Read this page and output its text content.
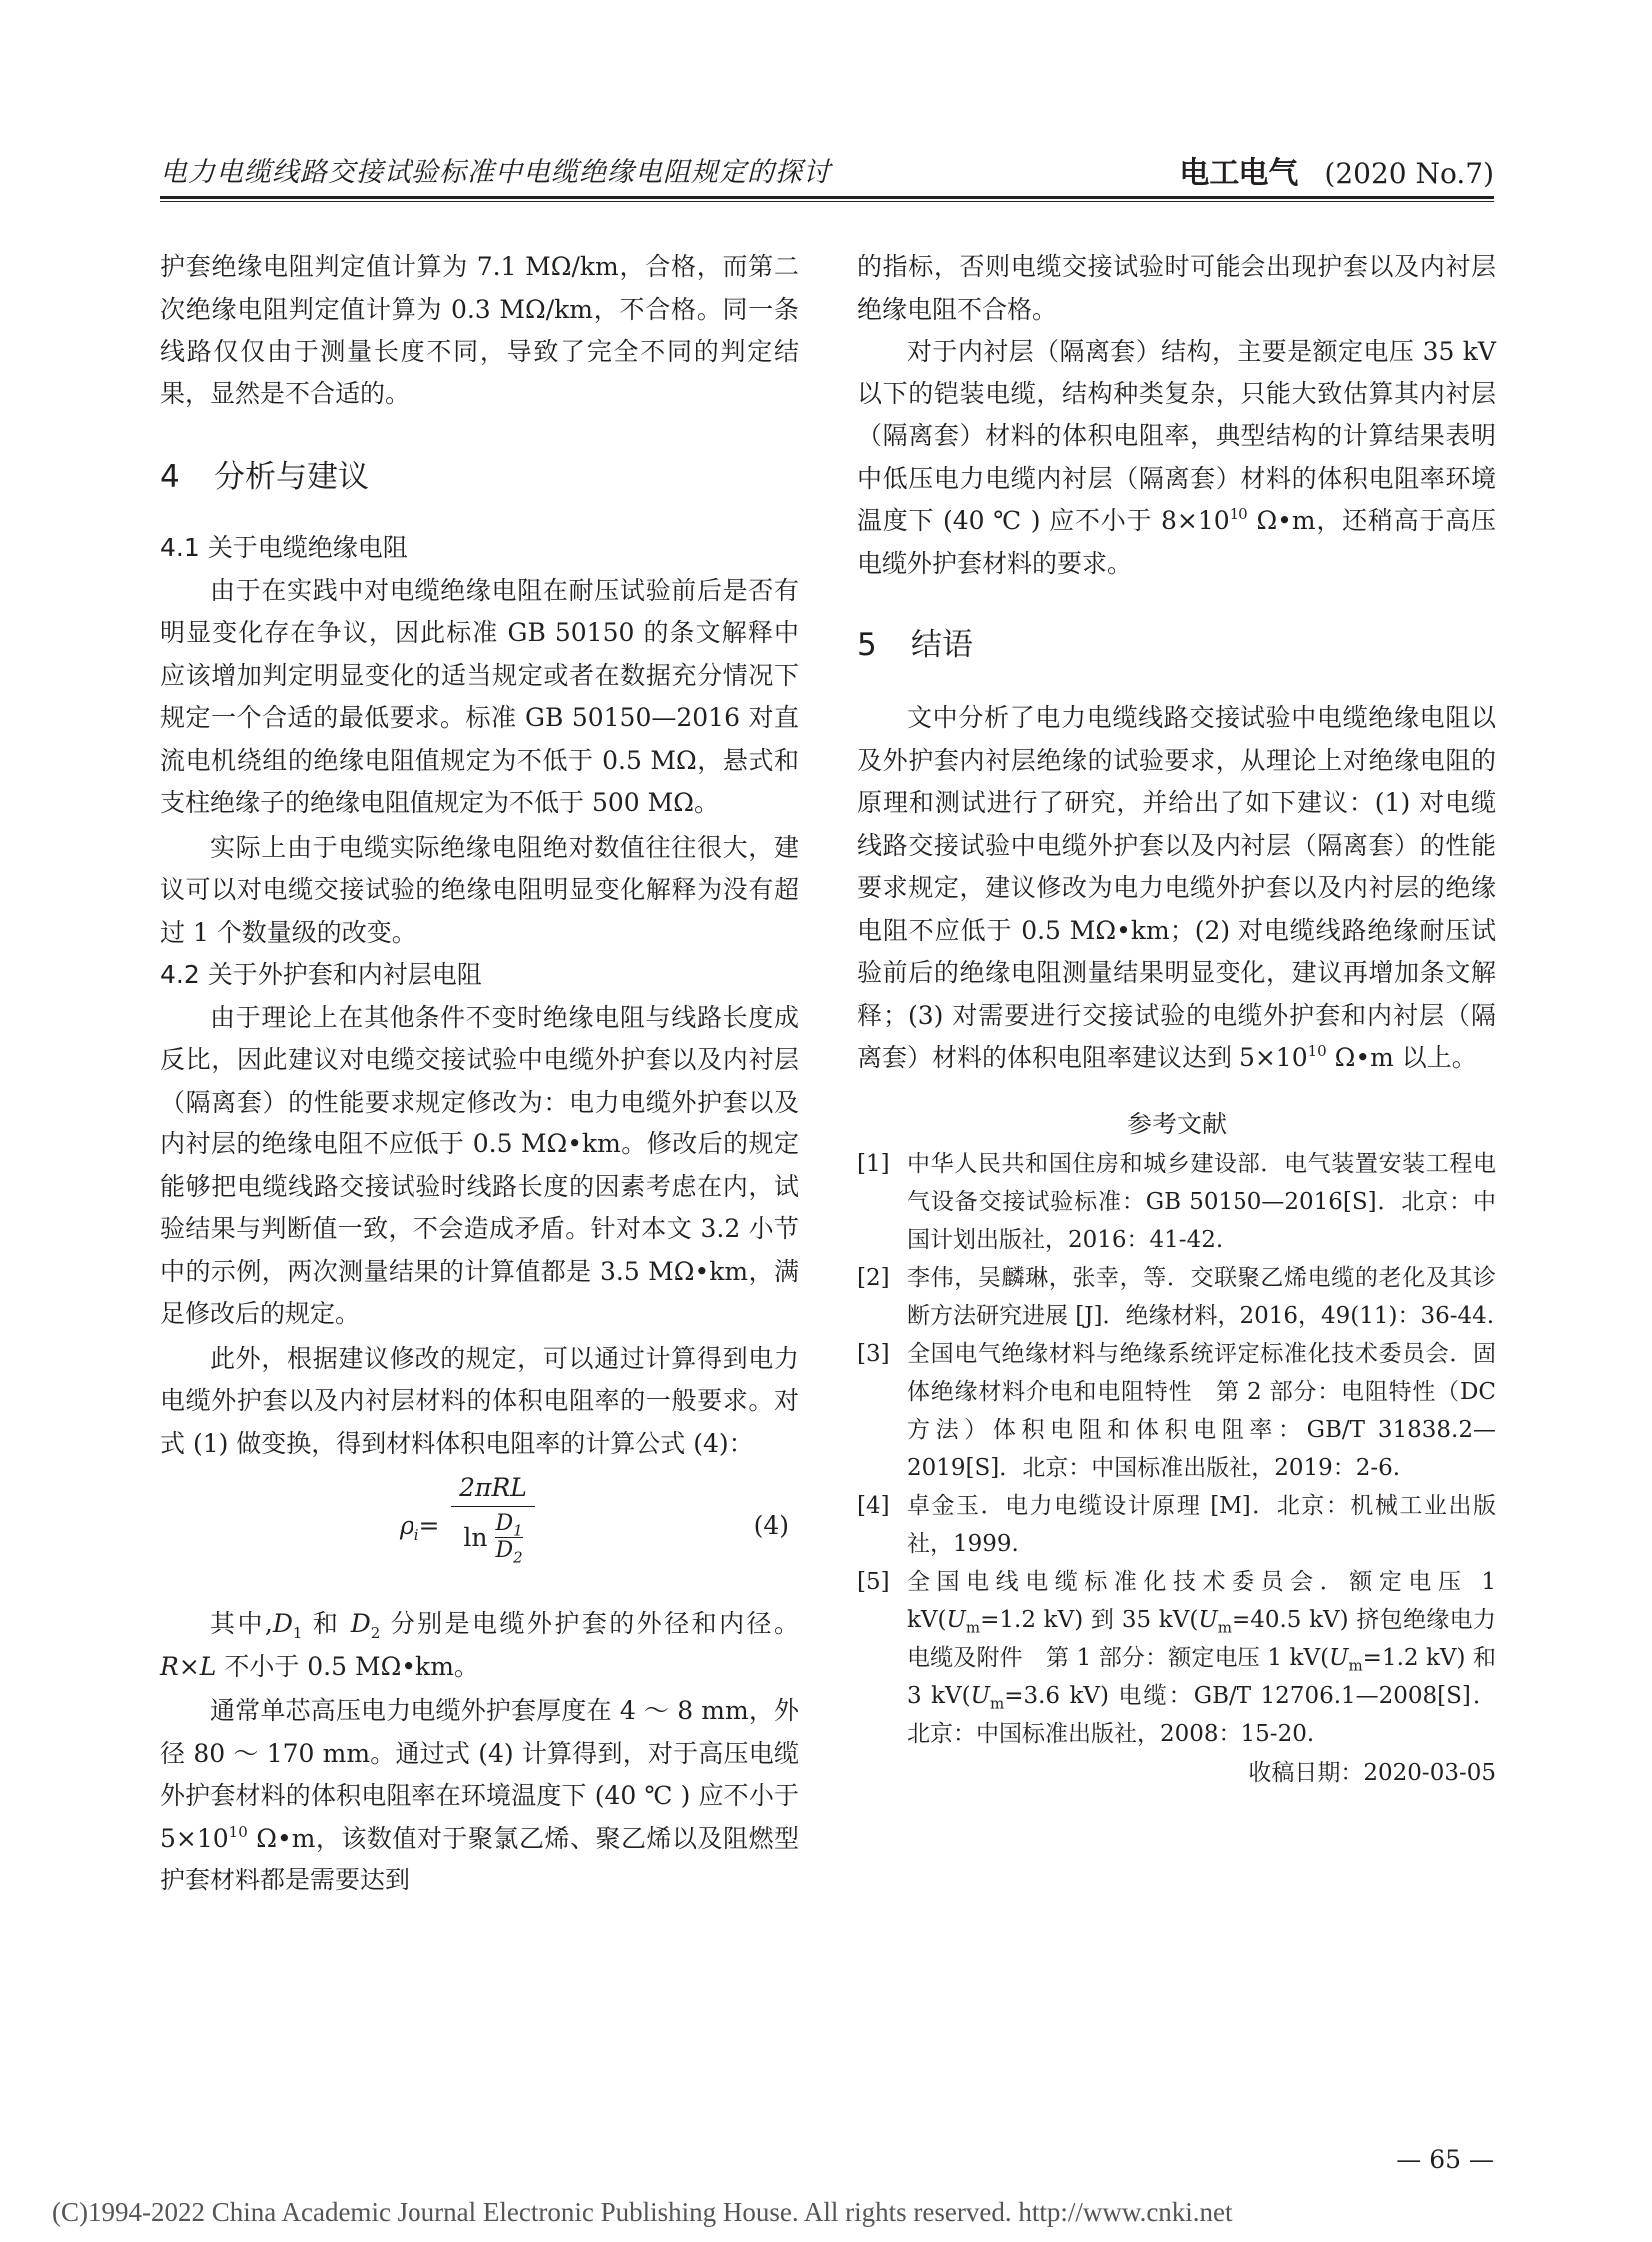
电力电缆线路交接试验标准中电缆绝缘电阻规定的探讨	电工电气 (2020 No.7)

护套绝缘电阻判定值计算为 7.1 MΩ/km，合格，而第二次绝缘电阻判定值计算为 0.3 MΩ/km，不合格。同一条线路仅仅由于测量长度不同，导致了完全不同的判定结果，显然是不合适的。

4 分析与建议
4.1 关于电缆绝缘电阻

由于在实践中对电缆绝缘电阻在耐压试验前后是否有明显变化存在争议，因此标准 GB 50150 的条文解释中应该增加判定明显变化的适当规定或者在数据充分情况下规定一个合适的最低要求。标准 GB 50150—2016 对直流电机绕组的绝缘电阻值规定为不低于 0.5 MΩ，悬式和支柱绝缘子的绝缘电阻值规定为不低于 500 MΩ。

实际上由于电缆实际绝缘电阻绝对数值往往很大，建议可以对电缆交接试验的绝缘电阻明显变化解释为没有超过 1 个数量级的改变。

4.2 关于外护套和内衬层电阻

由于理论上在其他条件不变时绝缘电阻与线路长度成反比，因此建议对电缆交接试验中电缆外护套以及内衬层（隔离套）的性能要求规定修改为：电力电缆外护套以及内衬层的绝缘电阻不应低于 0.5 MΩ•km。修改后的规定能够把电缆线路交接试验时线路长度的因素考虑在内，试验结果与判断值一致，不会造成矛盾。针对本文 3.2 小节中的示例，两次测量结果的计算值都是 3.5 MΩ•km，满足修改后的规定。

此外，根据建议修改的规定，可以通过计算得到电力电缆外护套以及内衬层材料的体积电阻率的一般要求。对式 (1) 做变换，得到材料体积电阻率的计算公式 (4)：

$\rho_i=$
2πRL
$\ln \frac{D_1}{D_2}$	(4)

其中$,D_1$ 和 $D_2$ 分别是电缆外护套的外径和内径。R×L 不小于 0.5 MΩ•km。

通常单芯高压电力电缆外护套厚度在 4 ～ 8 mm，外径 80 ～ 170 mm。通过式 (4) 计算得到，对于高压电缆外护套材料的体积电阻率在环境温度下 (40 ℃ ) 应不小于 $5\times 10^{10}$ Ω•m，该数值对于聚氯乙烯、聚乙烯以及阻燃型护套材料都是需要达到

的指标，否则电缆交接试验时可能会出现护套以及内衬层绝缘电阻不合格。

对于内衬层（隔离套）结构，主要是额定电压 35 kV 以下的铠装电缆，结构种类复杂，只能大致估算其内衬层（隔离套）材料的体积电阻率，典型结构的计算结果表明中低压电力电缆内衬层（隔离套）材料的体积电阻率环境温度下 (40 ℃ ) 应不小于 $8\times 10^{10}$ Ω•m，还稍高于高压电缆外护套材料的要求。

5 结语

文中分析了电力电缆线路交接试验中电缆绝缘电阻以及外护套内衬层绝缘的试验要求，从理论上对绝缘电阻的原理和测试进行了研究，并给出了如下建议：(1) 对电缆线路交接试验中电缆外护套以及内衬层（隔离套）的性能要求规定，建议修改为电力电缆外护套以及内衬层的绝缘电阻不应低于 0.5 MΩ•km；(2) 对电缆线路绝缘耐压试验前后的绝缘电阻测量结果明显变化，建议再增加条文解释；(3) 对需要进行交接试验的电缆外护套和内衬层（隔离套）材料的体积电阻率建议达到 $5\times 10^{10}$ Ω•m 以上。

参考文献
[1] 中华人民共和国住房和城乡建设部．电气装置安装工程电气设备交接试验标准：GB 50150—2016[S]．北京：中国计划出版社，2016：41-42.
[2] 李伟，吴麟琳，张幸，等．交联聚乙烯电缆的老化及其诊断方法研究进展 [J]．绝缘材料，2016，49(11)：36-44.
[3] 全国电气绝缘材料与绝缘系统评定标准化技术委员会．固体绝缘材料介电和电阻特性　第 2 部分：电阻特性（DC 方法）体积电阻和体积电阻率：GB/T 31838.2—2019[S]．北京：中国标准出版社，2019：2-6.
[4] 卓金玉．电力电缆设计原理 [M]．北京：机械工业出版社，1999.
[5] 全国电线电缆标准化技术委员会．额定电压 1 $kV(U_m=1.2$ kV) 到 35 $kV(U_m=40.5$ kV) 挤包绝缘电力电缆及附件　第 1 部分：额定电压 1 $kV(U_m=1.2$ kV) 和 3 $kV(U_m=3.6$ kV) 电缆：GB/T 12706.1—2008[S]．北京：中国标准出版社，2008：15-20.
收稿日期：2020-03-05
— 65 —
(C)1994-2022 China Academic Journal Electronic Publishing House. All rights reserved. http://www.cnki.net
